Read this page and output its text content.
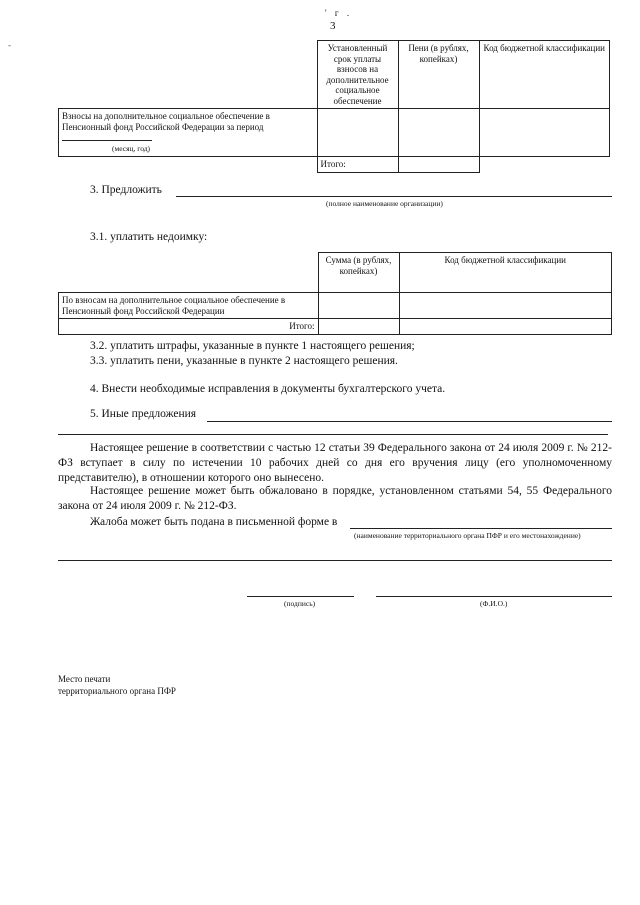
' г .
3
-
		Установленный срок уплаты взносов на дополнительное социальное обеспечение	Пени (в рублях, копейках)	Код бюджетной классификации
Взносы на дополнительное социальное обеспечение в Пенсионный фонд Российской Федерации за период
(месяц, год)			

	Итого:		
3. Предложить
(полное наименование организации)
3.1. уплатить недоимку:
	Сумма (в рублях, копейках)	Код бюджетной классификации
По взносам на дополнительное социальное обеспечение в Пенсионный фонд Российской Федерации		
Итого:		
3.2. уплатить штрафы, указанные в пункте 1 настоящего решения;
3.3. уплатить пени, указанные в пункте 2 настоящего решения.
4. Внести необходимые исправления в документы бухгалтерского учета.
5. Иные предложения
Настоящее решение в соответствии с частью 12 статьи 39 Федерального закона от 24 июля 2009 г. № 212-ФЗ вступает в силу по истечении 10 рабочих дней со дня его вручения лицу (его уполномоченному представителю), в отношении которого оно вынесено.
Настоящее решение может быть обжаловано в порядке, установленном статьями 54, 55 Федерального закона от 24 июля 2009 г. № 212-ФЗ.
Жалоба может быть подана в письменной форме в
(наименование территориального органа ПФР и его местонахождение)
(подпись)	(Ф.И.О.)
Место печати
территориального органа ПФР
